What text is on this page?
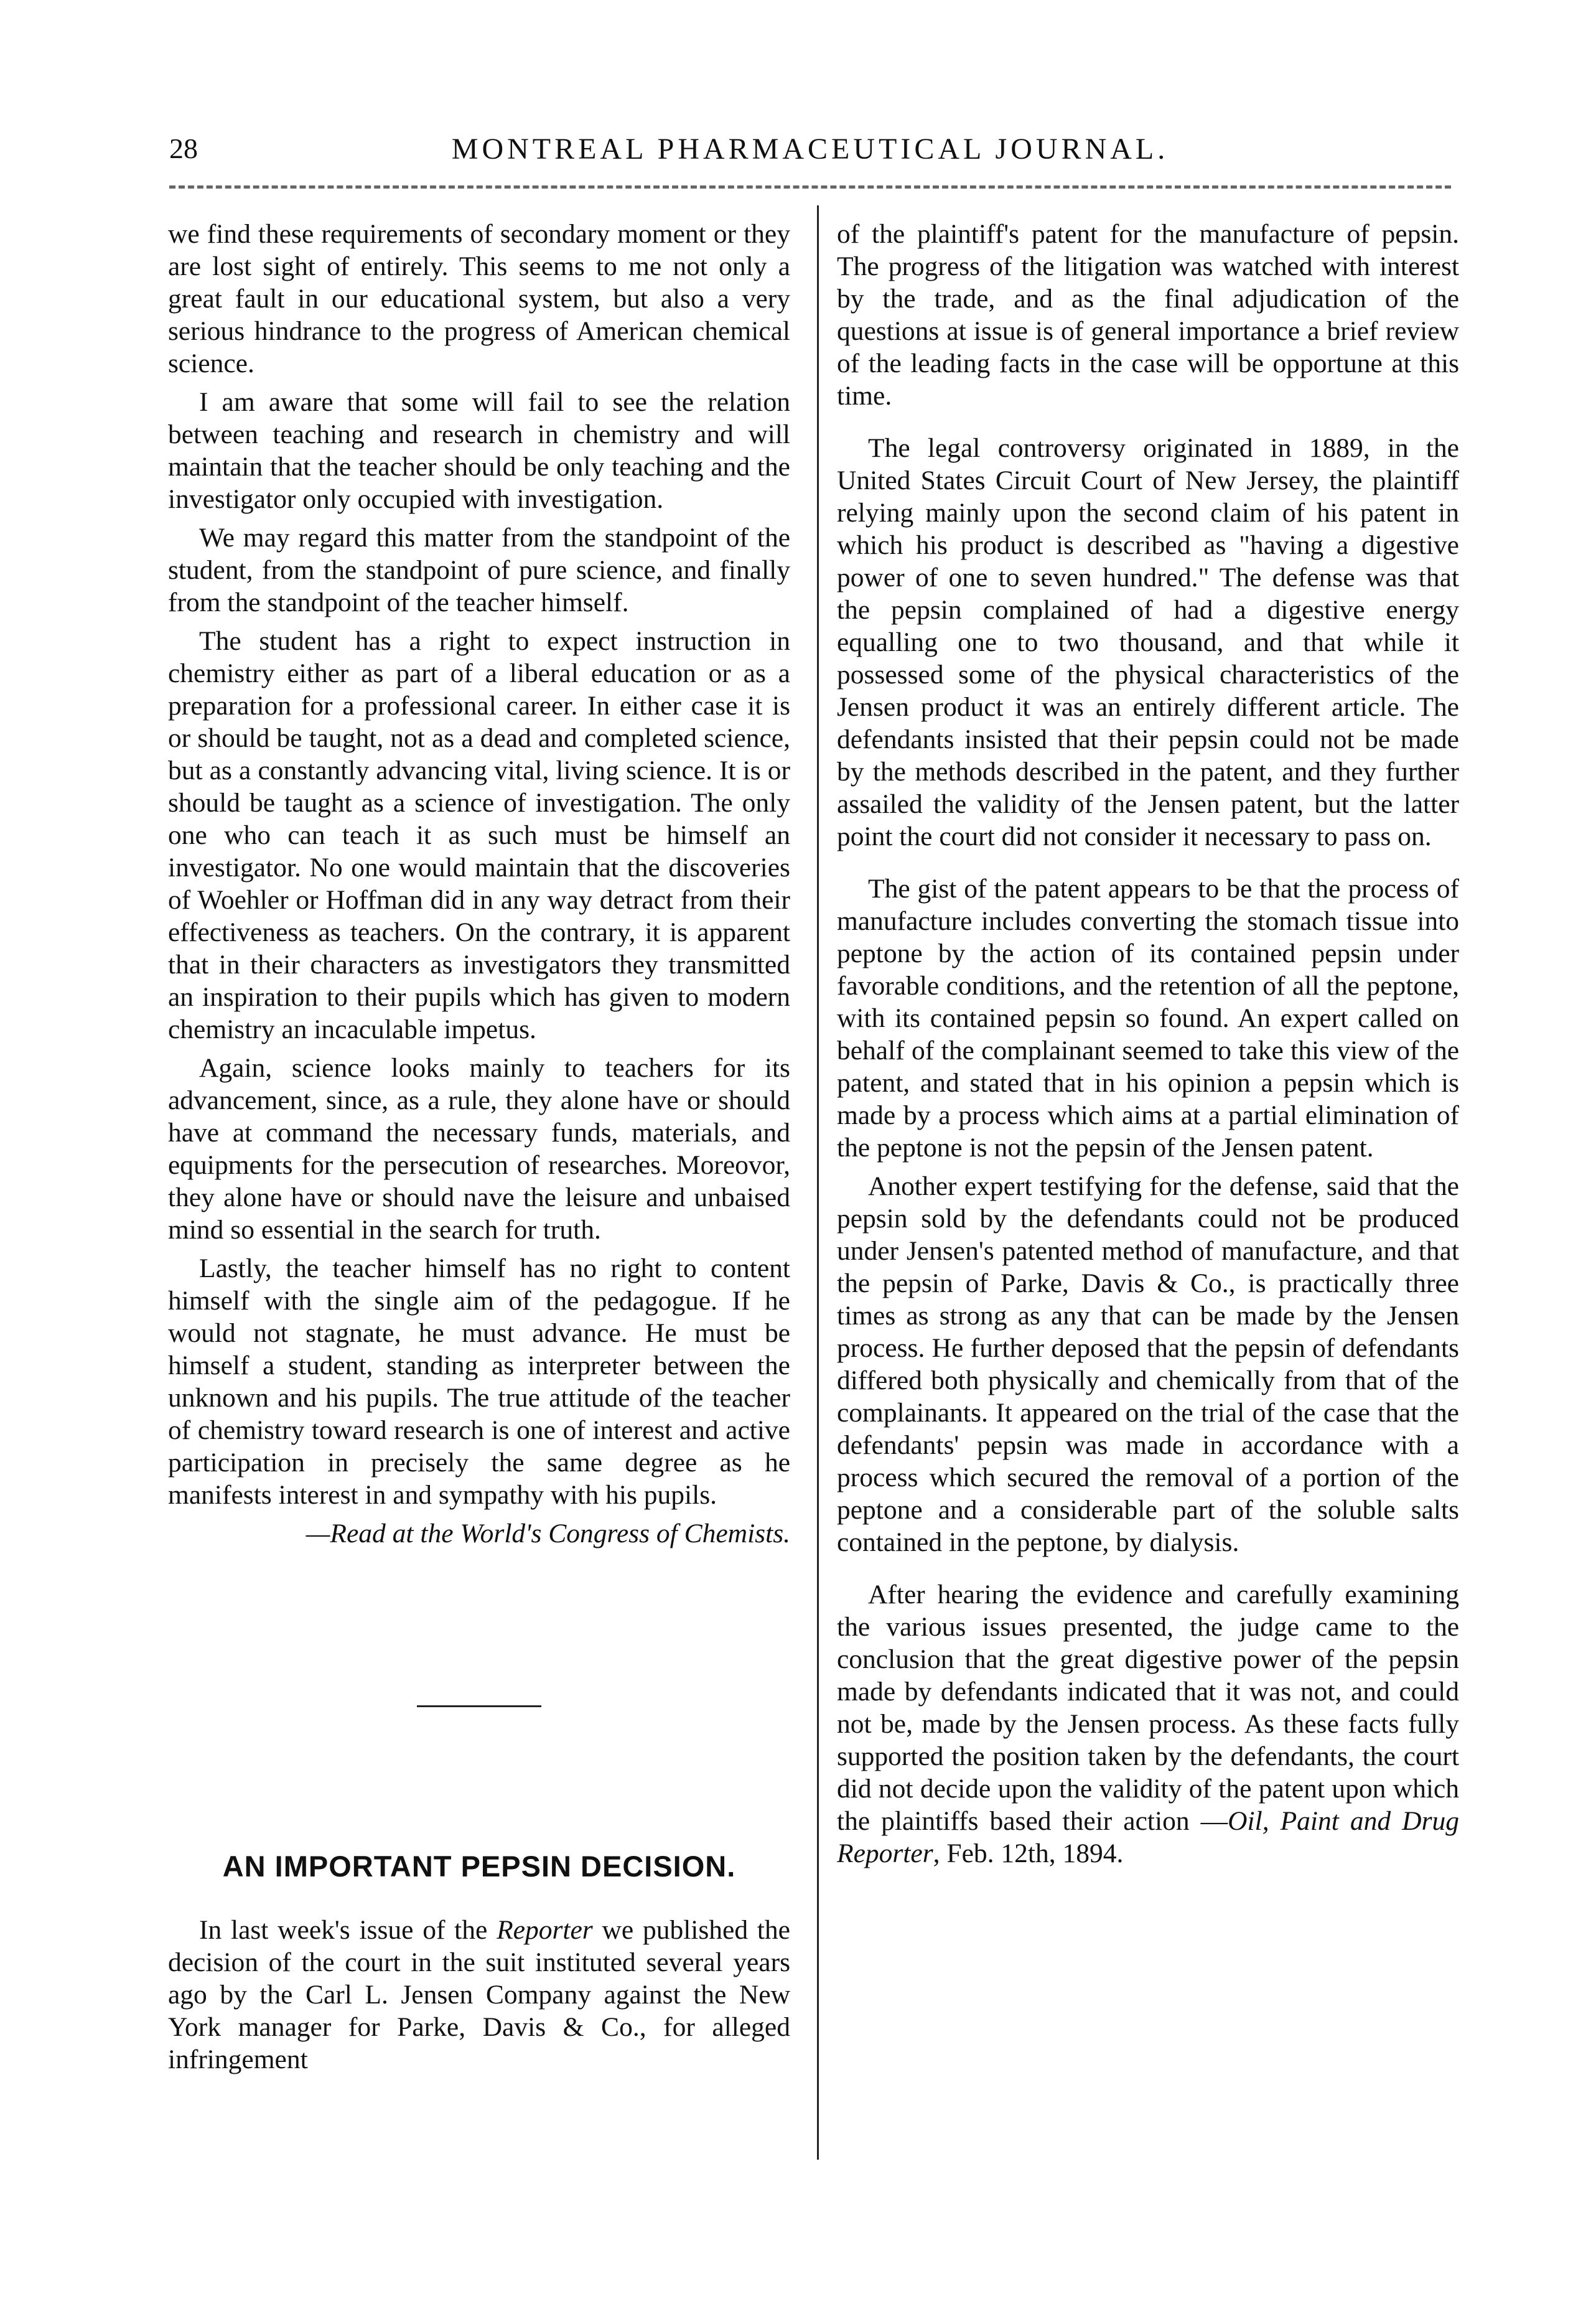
28	MONTREAL PHARMACEUTICAL JOURNAL.

we find these requirements of secondary moment or they are lost sight of entirely. This seems to me not only a great fault in our educational system, but also a very serious hindrance to the progress of American chemical science.

I am aware that some will fail to see the relation between teaching and research in chemistry and will maintain that the teacher should be only teaching and the investigator only occupied with investigation.

We may regard this matter from the standpoint of the student, from the standpoint of pure science, and finally from the standpoint of the teacher himself.

The student has a right to expect instruction in chemistry either as part of a liberal education or as a preparation for a professional career. In either case it is or should be taught, not as a dead and completed science, but as a constantly advancing vital, living science. It is or should be taught as a science of investigation. The only one who can teach it as such must be himself an investigator. No one would maintain that the discoveries of Woehler or Hoffman did in any way detract from their effectiveness as teachers. On the contrary, it is apparent that in their characters as investigators they transmitted an inspiration to their pupils which has given to modern chemistry an incaculable impetus.

Again, science looks mainly to teachers for its advancement, since, as a rule, they alone have or should have at command the necessary funds, materials, and equipments for the persecution of researches. Moreovor, they alone have or should nave the leisure and unbaised mind so essential in the search for truth.

Lastly, the teacher himself has no right to content himself with the single aim of the pedagogue. If he would not stagnate, he must advance. He must be himself a student, standing as interpreter between the unknown and his pupils. The true attitude of the teacher of chemistry toward research is one of interest and active participation in precisely the same degree as he manifests interest in and sympathy with his pupils.

—Read at the World's Congress of Chemists.

AN IMPORTANT PEPSIN DECISION.

In last week's issue of the Reporter we published the decision of the court in the suit instituted several years ago by the Carl L. Jensen Company against the New York manager for Parke, Davis & Co., for alleged infringement

of the plaintiff's patent for the manufacture of pepsin. The progress of the litigation was watched with interest by the trade, and as the final adjudication of the questions at issue is of general importance a brief review of the leading facts in the case will be opportune at this time.

The legal controversy originated in 1889, in the United States Circuit Court of New Jersey, the plaintiff relying mainly upon the second claim of his patent in which his product is described as "having a digestive power of one to seven hundred." The defense was that the pepsin complained of had a digestive energy equalling one to two thousand, and that while it possessed some of the physical characteristics of the Jensen product it was an entirely different article. The defendants insisted that their pepsin could not be made by the methods described in the patent, and they further assailed the validity of the Jensen patent, but the latter point the court did not consider it necessary to pass on.

The gist of the patent appears to be that the process of manufacture includes converting the stomach tissue into peptone by the action of its contained pepsin under favorable conditions, and the retention of all the peptone, with its contained pepsin so found. An expert called on behalf of the complainant seemed to take this view of the patent, and stated that in his opinion a pepsin which is made by a process which aims at a partial elimination of the peptone is not the pepsin of the Jensen patent.

Another expert testifying for the defense, said that the pepsin sold by the defendants could not be produced under Jensen's patented method of manufacture, and that the pepsin of Parke, Davis & Co., is practically three times as strong as any that can be made by the Jensen process. He further deposed that the pepsin of defendants differed both physically and chemically from that of the complainants. It appeared on the trial of the case that the defendants' pepsin was made in accordance with a process which secured the removal of a portion of the peptone and a considerable part of the soluble salts contained in the peptone, by dialysis.

After hearing the evidence and carefully examining the various issues presented, the judge came to the conclusion that the great digestive power of the pepsin made by defendants indicated that it was not, and could not be, made by the Jensen process. As these facts fully supported the position taken by the defendants, the court did not decide upon the validity of the patent upon which the plaintiffs based their action —Oil, Paint and Drug Reporter, Feb. 12th, 1894.
